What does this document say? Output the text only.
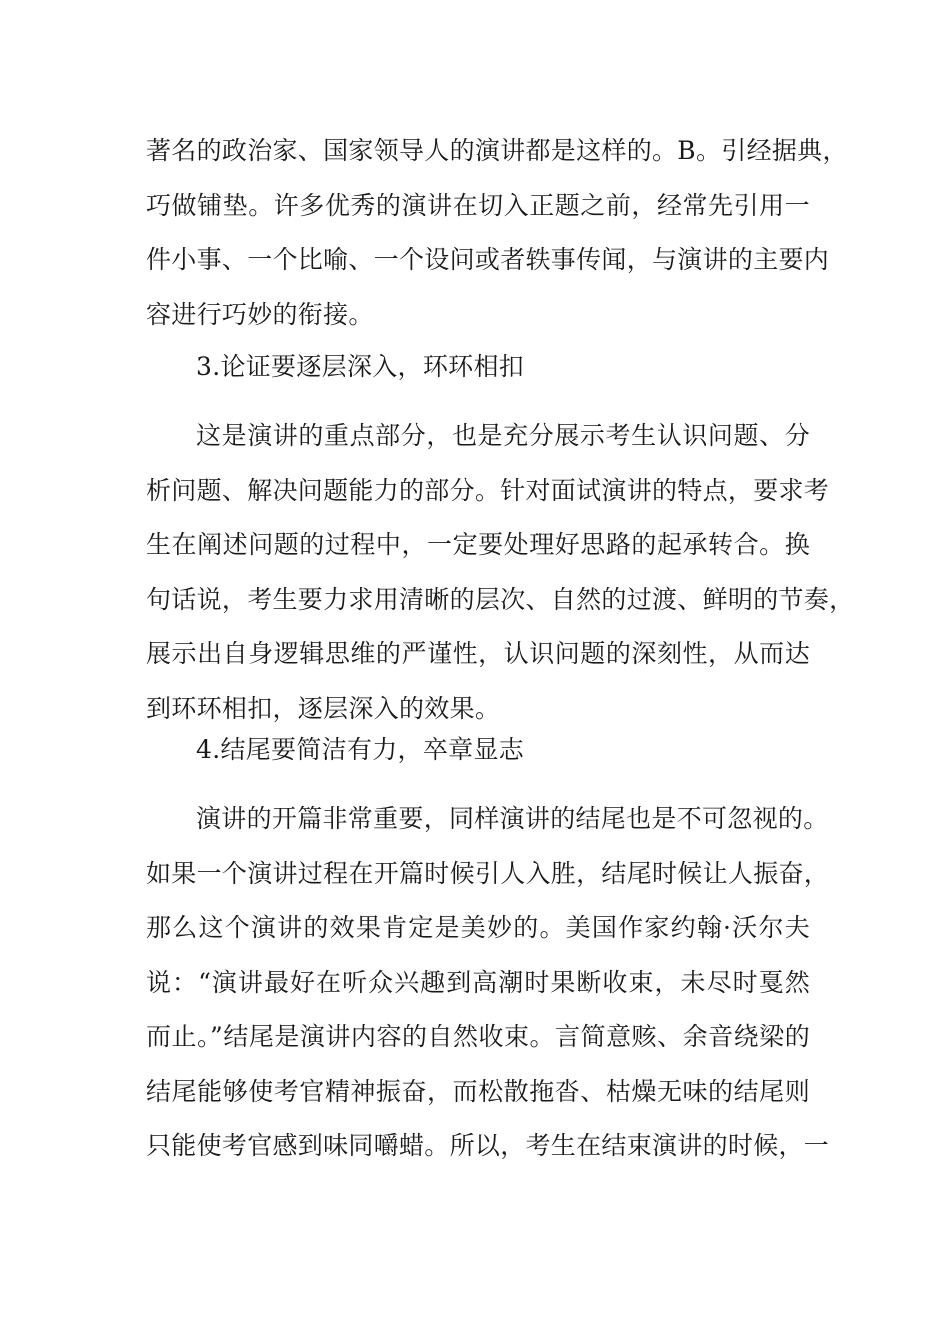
著名的政治家、国家领导人的演讲都是这样的。B。引经据典，
巧做铺垫。许多优秀的演讲在切入正题之前，经常先引用一
件小事、一个比喻、一个设问或者轶事传闻，与演讲的主要内
容进行巧妙的衔接。
3.论证要逐层深入，环环相扣
这是演讲的重点部分，也是充分展示考生认识问题、分
析问题、解决问题能力的部分。针对面试演讲的特点，要求考
生在阐述问题的过程中，一定要处理好思路的起承转合。换
句话说，考生要力求用清晰的层次、自然的过渡、鲜明的节奏，
展示出自身逻辑思维的严谨性，认识问题的深刻性，从而达
到环环相扣，逐层深入的效果。
4.结尾要简洁有力，卒章显志
演讲的开篇非常重要，同样演讲的结尾也是不可忽视的。
如果一个演讲过程在开篇时候引人入胜，结尾时候让人振奋，
那么这个演讲的效果肯定是美妙的。美国作家约翰·沃尔夫
说：“演讲最好在听众兴趣到高潮时果断收束，未尽时戛然
而止。”结尾是演讲内容的自然收束。言简意赅、余音绕梁的
结尾能够使考官精神振奋，而松散拖沓、枯燥无味的结尾则
只能使考官感到味同嚼蜡。所以，考生在结束演讲的时候，一
